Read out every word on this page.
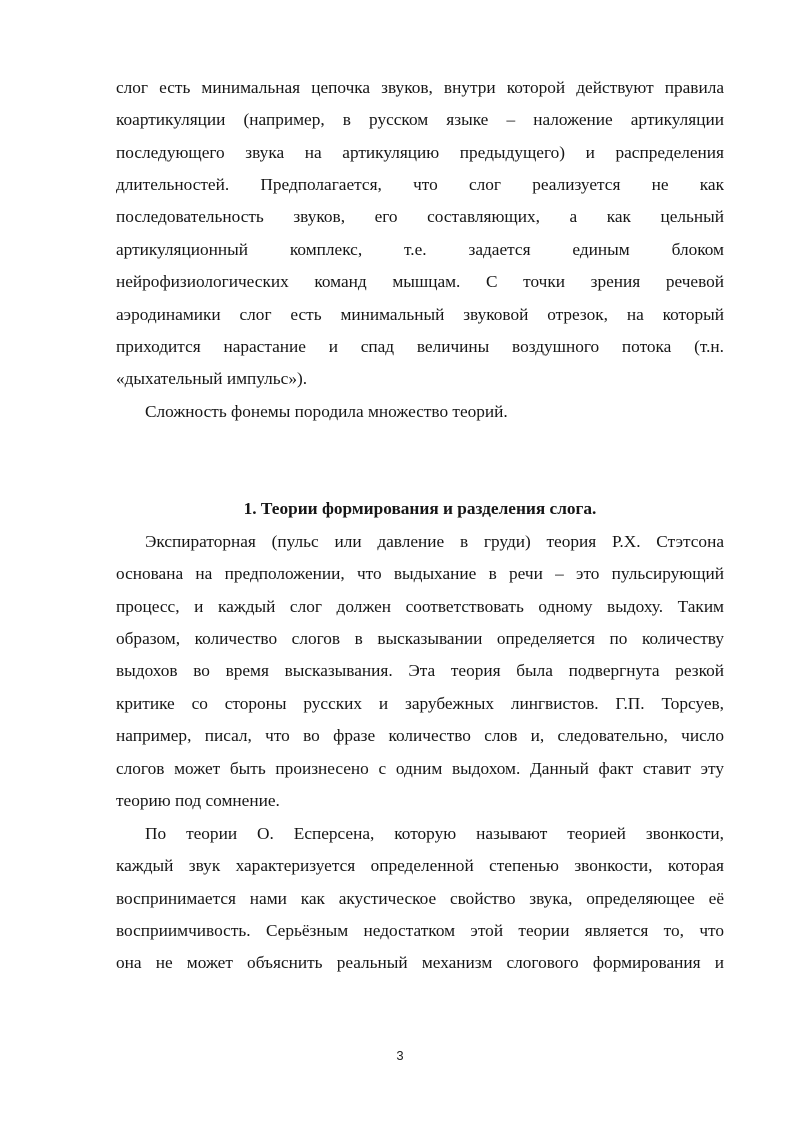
слог есть минимальная цепочка звуков, внутри которой действуют правила
коартикуляции (например, в русском языке – наложение артикуляции
последующего звука на артикуляцию предыдущего) и распределения
длительностей. Предполагается, что слог реализуется не как
последовательность звуков, его составляющих, а как цельный
артикуляционный комплекс, т.е. задается единым блоком
нейрофизиологических команд мышцам. С точки зрения речевой
аэродинамики слог есть минимальный звуковой отрезок, на который
приходится нарастание и спад величины воздушного потока (т.н.
«дыхательный импульс»).
Сложность фонемы породила множество теорий.
1. Теории формирования и разделения слога.
Экспираторная (пульс или давление в груди) теория Р.Х. Стэтсона
основана на предположении, что выдыхание в речи – это пульсирующий
процесс, и каждый слог должен соответствовать одному выдоху. Таким
образом, количество слогов в высказывании определяется по количеству
выдохов во время высказывания. Эта теория была подвергнута резкой
критике со стороны русских и зарубежных лингвистов. Г.П. Торсуев,
например, писал, что во фразе количество слов и, следовательно, число
слогов может быть произнесено с одним выдохом. Данный факт ставит эту
теорию под сомнение.
По теории О. Есперсена, которую называют теорией звонкости,
каждый звук характеризуется определенной степенью звонкости, которая
воспринимается нами как акустическое свойство звука, определяющее её
восприимчивость. Серьёзным недостатком этой теории является то, что
она не может объяснить реальный механизм слогового формирования и
3
